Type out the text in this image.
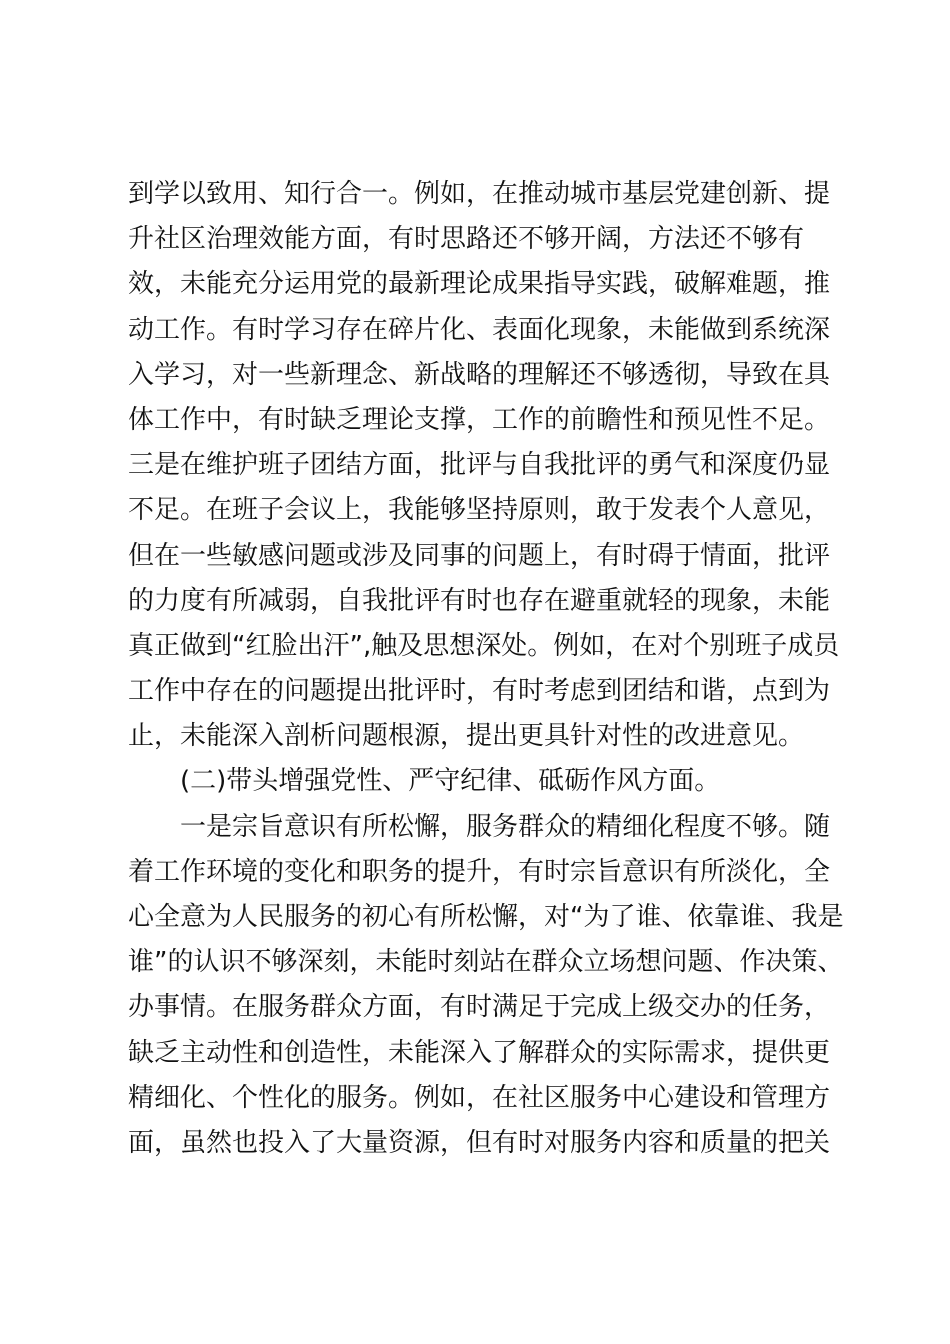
到学以致用、知行合一。例如，在推动城市基层党建创新、提
升社区治理效能方面，有时思路还不够开阔，方法还不够有
效，未能充分运用党的最新理论成果指导实践，破解难题，推
动工作。有时学习存在碎片化、表面化现象，未能做到系统深
入学习，对一些新理念、新战略的理解还不够透彻，导致在具
体工作中，有时缺乏理论支撑，工作的前瞻性和预见性不足。
三是在维护班子团结方面，批评与自我批评的勇气和深度仍显
不足。在班子会议上，我能够坚持原则，敢于发表个人意见，
但在一些敏感问题或涉及同事的问题上，有时碍于情面，批评
的力度有所减弱，自我批评有时也存在避重就轻的现象，未能
真正做到“红脸出汗”,触及思想深处。例如，在对个别班子成员
工作中存在的问题提出批评时，有时考虑到团结和谐，点到为
止，未能深入剖析问题根源，提出更具针对性的改进意见。
(二)带头增强党性、严守纪律、砥砺作风方面。
一是宗旨意识有所松懈，服务群众的精细化程度不够。随
着工作环境的变化和职务的提升，有时宗旨意识有所淡化，全
心全意为人民服务的初心有所松懈，对“为了谁、依靠谁、我是
谁”的认识不够深刻，未能时刻站在群众立场想问题、作决策、
办事情。在服务群众方面，有时满足于完成上级交办的任务，
缺乏主动性和创造性，未能深入了解群众的实际需求，提供更
精细化、个性化的服务。例如，在社区服务中心建设和管理方
面，虽然也投入了大量资源，但有时对服务内容和质量的把关
